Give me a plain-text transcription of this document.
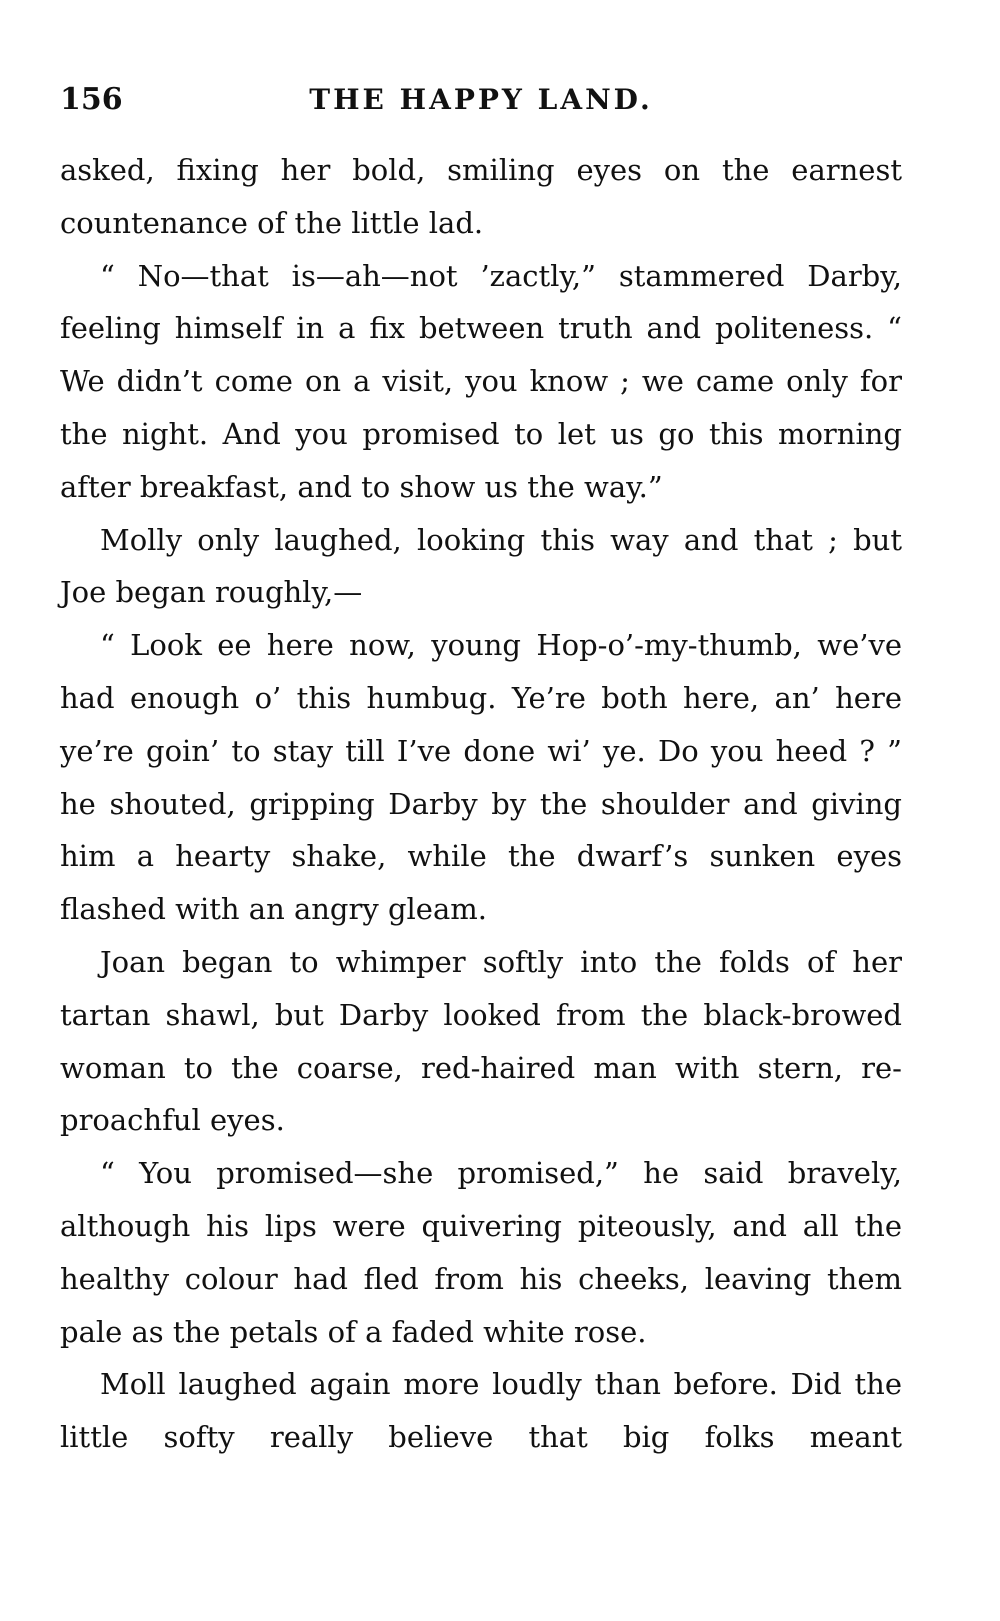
156	THE HAPPY LAND.

asked, fixing her bold, smiling eyes on the earnest countenance of the little lad.

“ No—that is—ah—not ’zactly,” stammered Darby, feeling himself in a fix between truth and politeness. “ We didn’t come on a visit, you know ; we came only for the night. And you promised to let us go this morning after breakfast, and to show us the way.”

Molly only laughed, looking this way and that ; but Joe began roughly,—

“ Look ee here now, young Hop-o’-my-thumb, we’ve had enough o’ this humbug. Ye’re both here, an’ here ye’re goin’ to stay till I’ve done wi’ ye. Do you heed ? ” he shouted, gripping Darby by the shoulder and giving him a hearty shake, while the dwarf’s sunken eyes flashed with an angry gleam.

Joan began to whimper softly into the folds of her tartan shawl, but Darby looked from the black-browed woman to the coarse, red-haired man with stern, re-proachful eyes.

“ You promised—she promised,” he said bravely, although his lips were quivering piteously, and all the healthy colour had fled from his cheeks, leaving them pale as the petals of a faded white rose.

Moll laughed again more loudly than before. Did the little softy really believe that big folks meant
